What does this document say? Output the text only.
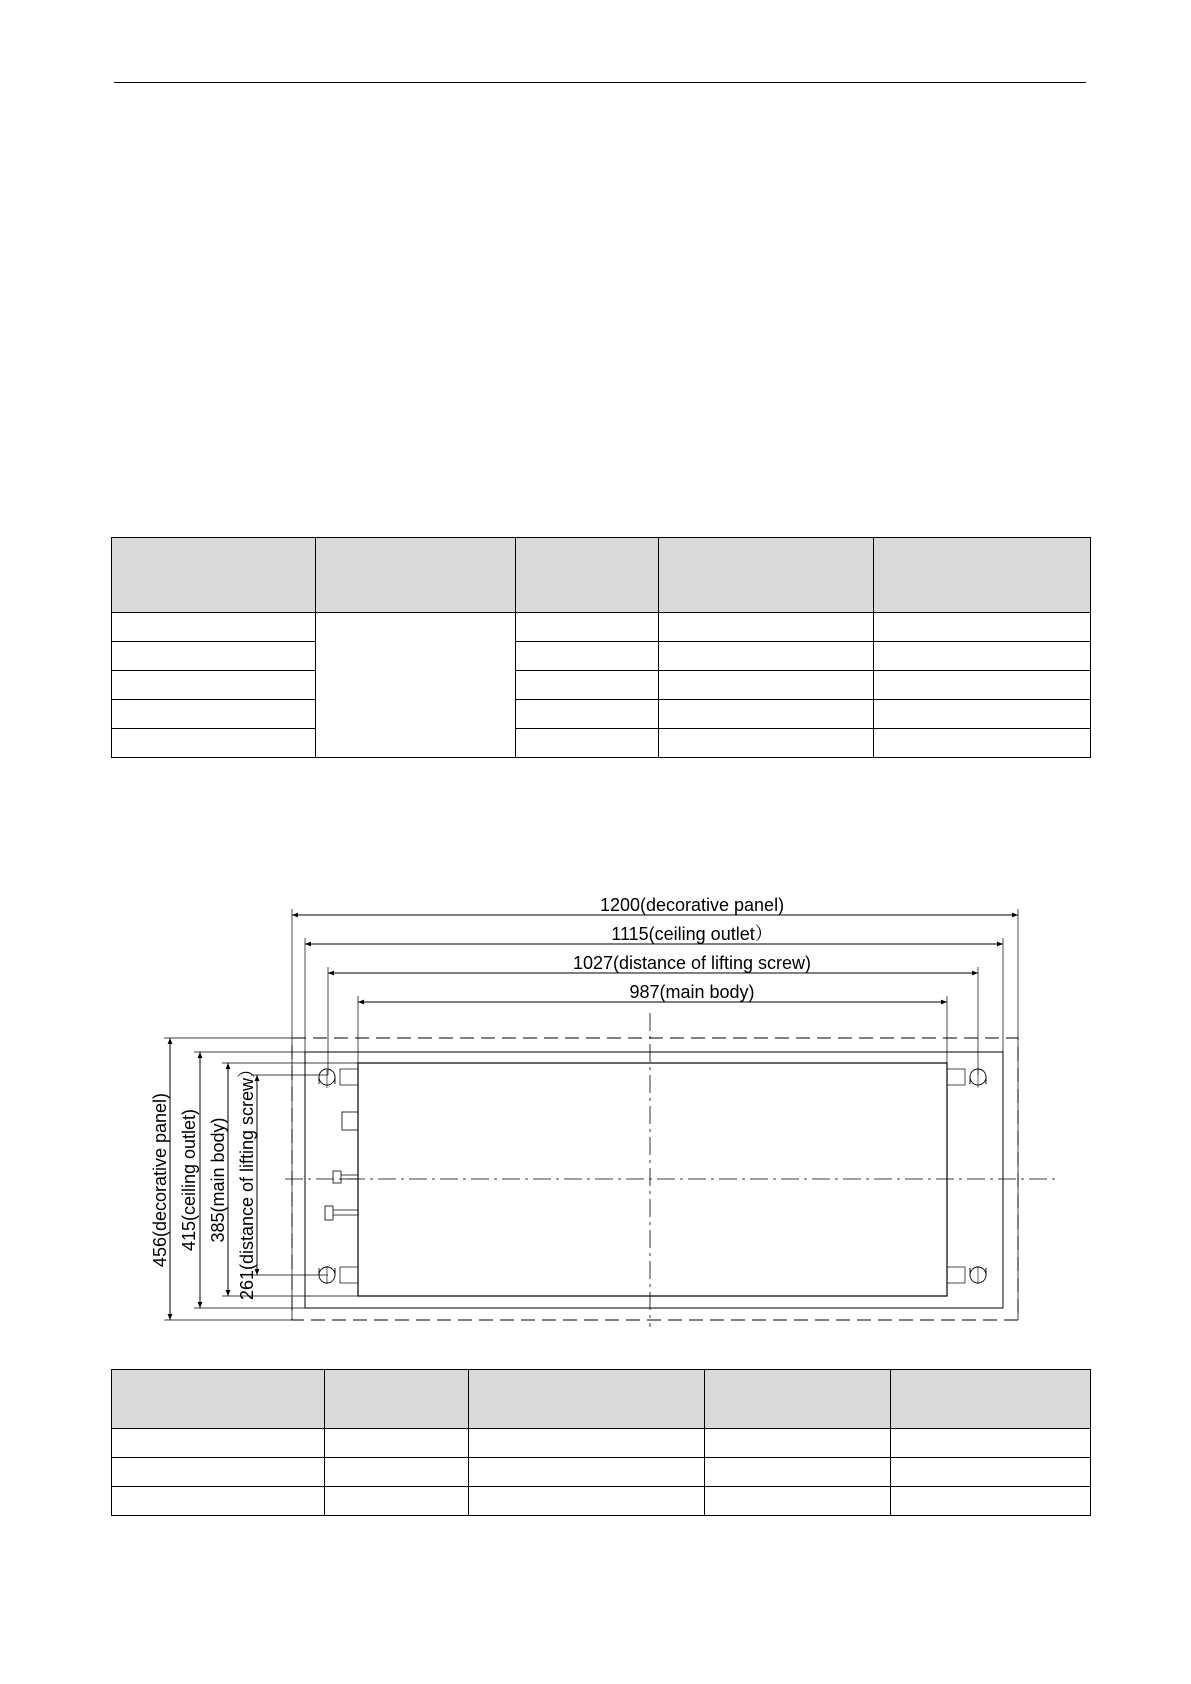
1200(decorative panel)
1115(ceiling outlet）
1027(distance of lifting screw)
987(main body)
456(decorative panel) 415(ceiling outlet) 385(main body) 261(distance of lifting screw）
